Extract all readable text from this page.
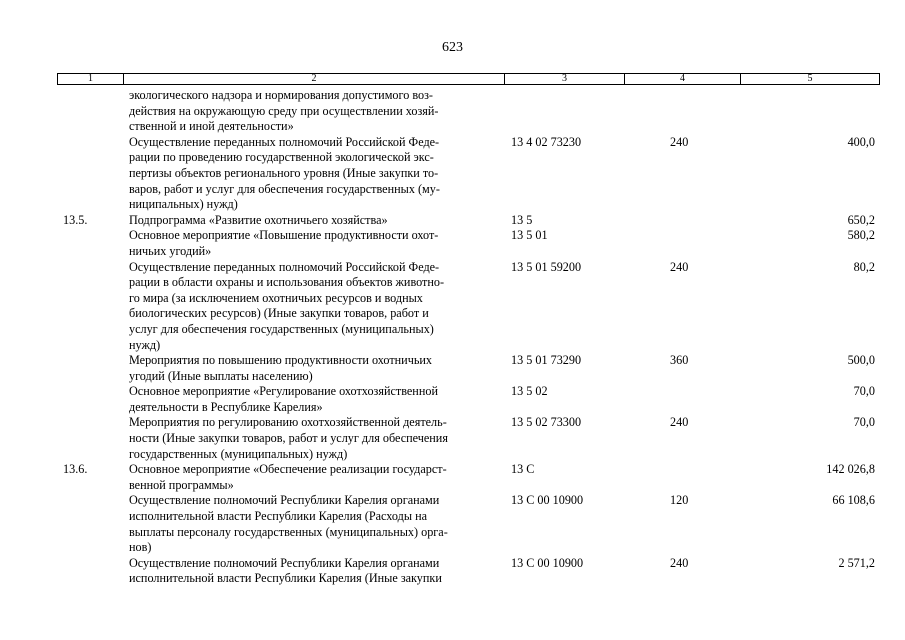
623
1	2	3	4	5
экологического надзора и нормирования допустимого воз-
действия на окружающую среду при осуществлении хозяй-
ственной и иной деятельности»
Осуществление переданных полномочий Российской Феде-
рации по проведению государственной экологической экс-
пертизы объектов регионального уровня (Иные закупки то-
варов, работ и услуг для обеспечения государственных (му-
ниципальных) нужд)
13 4 02 73230	240	400,0
13.5.	Подпрограмма «Развитие охотничьего хозяйства»	13 5	650,2
Основное мероприятие «Повышение продуктивности охот-
ничьих угодий»
13 5 01	580,2
Осуществление переданных полномочий Российской Феде-
рации в области охраны и использования объектов животно-
го мира (за исключением охотничьих ресурсов и водных
биологических ресурсов) (Иные закупки товаров, работ и
услуг для обеспечения государственных (муниципальных)
нужд)
13 5 01 59200	240	80,2
Мероприятия по повышению продуктивности охотничьих
угодий (Иные выплаты населению)
13 5 01 73290	360	500,0
Основное мероприятие «Регулирование охотхозяйственной
деятельности в Республике Карелия»
13 5 02	70,0
Мероприятия по регулированию охотхозяйственной деятель-
ности (Иные закупки товаров, работ и услуг для обеспечения
государственных (муниципальных) нужд)
13 5 02 73300	240	70,0
13.6.	Основное мероприятие «Обеспечение реализации государст-
венной программы»
13 С	142 026,8
Осуществление полномочий Республики Карелия органами
исполнительной власти Республики Карелия (Расходы на
выплаты персоналу государственных (муниципальных) орга-
нов)
13 С 00 10900	120	66 108,6
Осуществление полномочий Республики Карелия органами
исполнительной власти Республики Карелия (Иные закупки
13 С 00 10900	240	2 571,2
